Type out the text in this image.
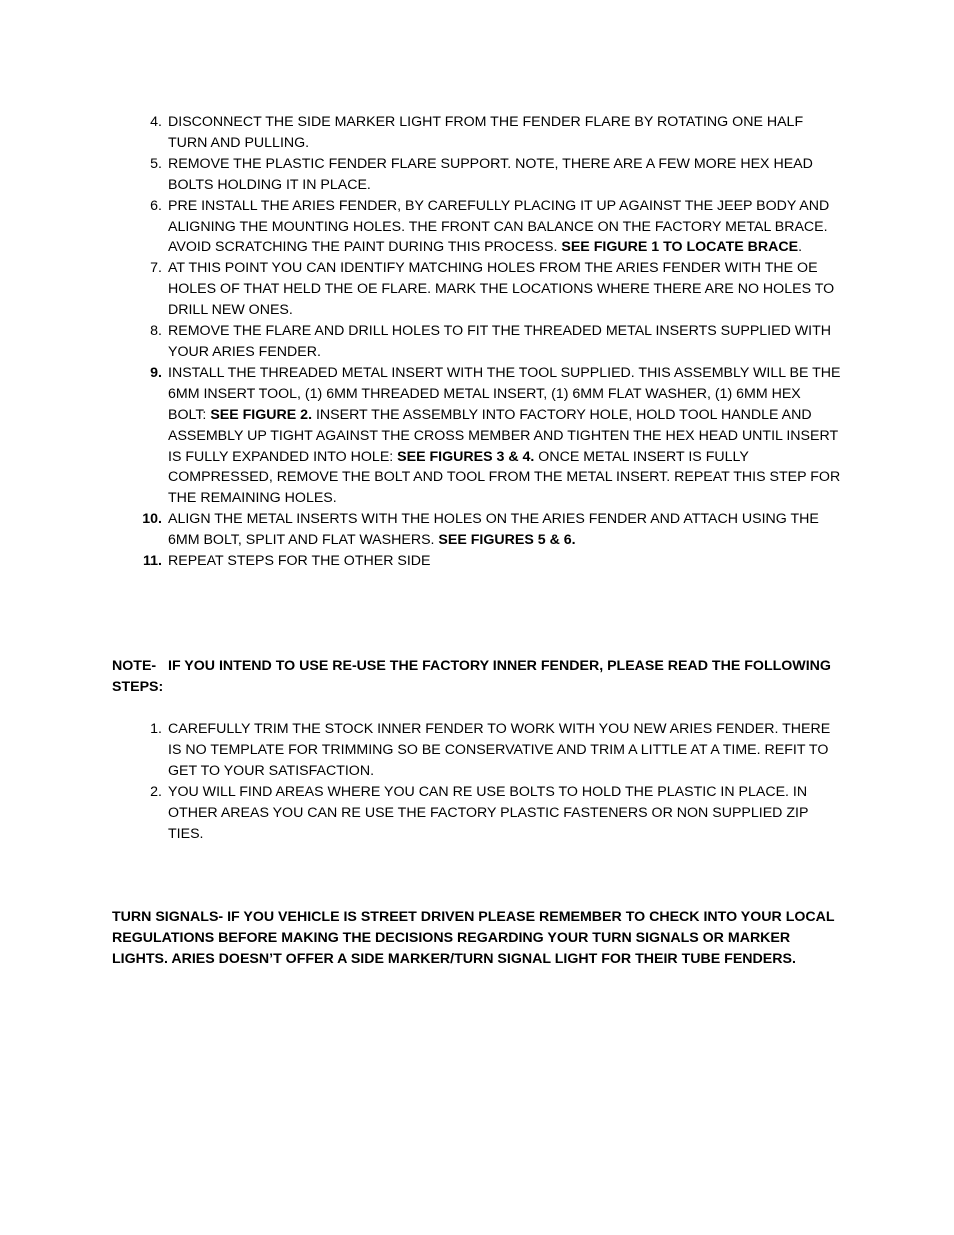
4. DISCONNECT THE SIDE MARKER LIGHT FROM THE FENDER FLARE BY ROTATING ONE HALF TURN AND PULLING.
5. REMOVE THE PLASTIC FENDER FLARE SUPPORT. NOTE, THERE ARE A FEW MORE HEX HEAD BOLTS HOLDING IT IN PLACE.
6. PRE INSTALL THE ARIES FENDER, BY CAREFULLY PLACING IT UP AGAINST THE JEEP BODY AND ALIGNING THE MOUNTING HOLES. THE FRONT CAN BALANCE ON THE FACTORY METAL BRACE. AVOID SCRATCHING THE PAINT DURING THIS PROCESS. SEE FIGURE 1 TO LOCATE BRACE.
7. AT THIS POINT YOU CAN IDENTIFY MATCHING HOLES FROM THE ARIES FENDER WITH THE OE HOLES OF THAT HELD THE OE FLARE. MARK THE LOCATIONS WHERE THERE ARE NO HOLES TO DRILL NEW ONES.
8. REMOVE THE FLARE AND DRILL HOLES TO FIT THE THREADED METAL INSERTS SUPPLIED WITH YOUR ARIES FENDER.
9. INSTALL THE THREADED METAL INSERT WITH THE TOOL SUPPLIED. THIS ASSEMBLY WILL BE THE 6MM INSERT TOOL, (1) 6MM THREADED METAL INSERT, (1) 6MM FLAT WASHER, (1) 6MM HEX BOLT: SEE FIGURE 2. INSERT THE ASSEMBLY INTO FACTORY HOLE, HOLD TOOL HANDLE AND ASSEMBLY UP TIGHT AGAINST THE CROSS MEMBER AND TIGHTEN THE HEX HEAD UNTIL INSERT IS FULLY EXPANDED INTO HOLE: SEE FIGURES 3 & 4. ONCE METAL INSERT IS FULLY COMPRESSED, REMOVE THE BOLT AND TOOL FROM THE METAL INSERT. REPEAT THIS STEP FOR THE REMAINING HOLES.
10. ALIGN THE METAL INSERTS WITH THE HOLES ON THE ARIES FENDER AND ATTACH USING THE 6MM BOLT, SPLIT AND FLAT WASHERS. SEE FIGURES 5 & 6.
11. REPEAT STEPS FOR THE OTHER SIDE
NOTE- IF YOU INTEND TO USE RE-USE THE FACTORY INNER FENDER, PLEASE READ THE FOLLOWING
STEPS:
1. CAREFULLY TRIM THE STOCK INNER FENDER TO WORK WITH YOU NEW ARIES FENDER. THERE IS NO TEMPLATE FOR TRIMMING SO BE CONSERVATIVE AND TRIM A LITTLE AT A TIME. REFIT TO GET TO YOUR SATISFACTION.
2. YOU WILL FIND AREAS WHERE YOU CAN RE USE BOLTS TO HOLD THE PLASTIC IN PLACE. IN OTHER AREAS YOU CAN RE USE THE FACTORY PLASTIC FASTENERS OR NON SUPPLIED ZIP TIES.
TURN SIGNALS- IF YOU VEHICLE IS STREET DRIVEN PLEASE REMEMBER TO CHECK INTO YOUR LOCAL REGULATIONS BEFORE MAKING THE DECISIONS REGARDING YOUR TURN SIGNALS OR MARKER LIGHTS. ARIES DOESN’T OFFER A SIDE MARKER/TURN SIGNAL LIGHT FOR THEIR TUBE FENDERS.
